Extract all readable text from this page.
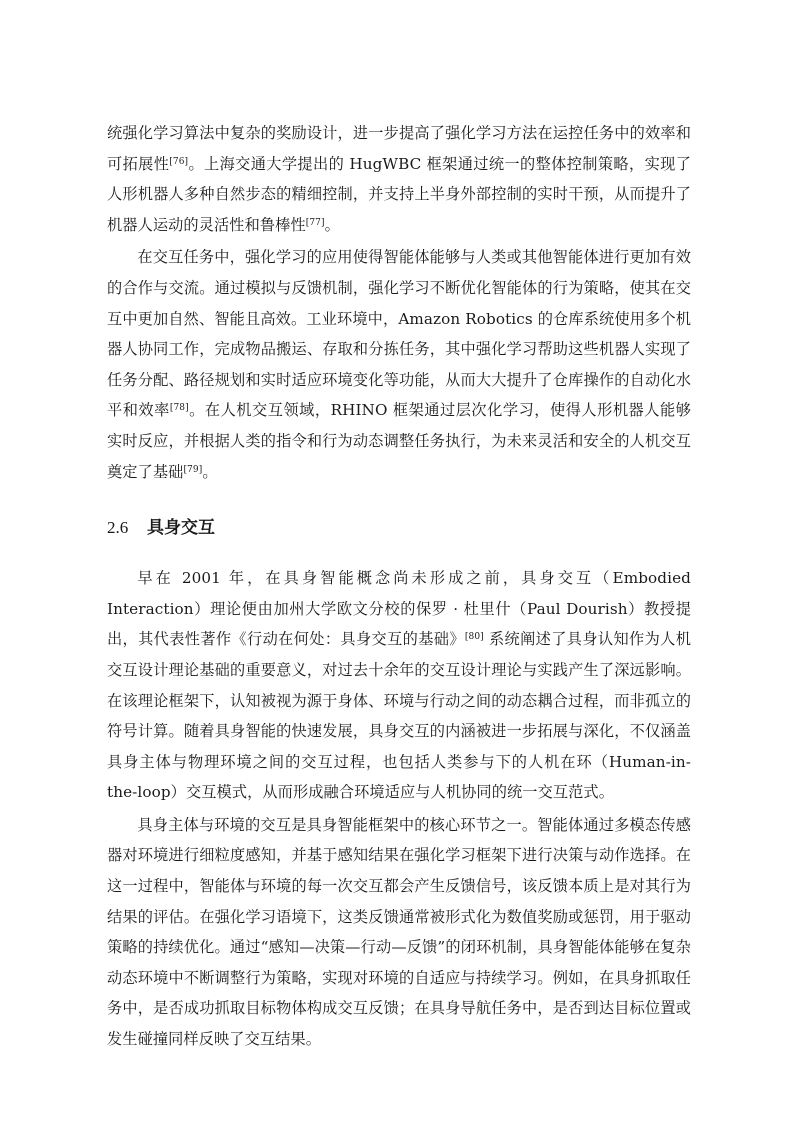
统强化学习算法中复杂的奖励设计，进一步提高了强化学习方法在运控任务中的效率和可拓展性[76]。上海交通大学提出的 HugWBC 框架通过统一的整体控制策略，实现了人形机器人多种自然步态的精细控制，并支持上半身外部控制的实时干预，从而提升了机器人运动的灵活性和鲁棒性[77]。

在交互任务中，强化学习的应用使得智能体能够与人类或其他智能体进行更加有效的合作与交流。通过模拟与反馈机制，强化学习不断优化智能体的行为策略，使其在交互中更加自然、智能且高效。工业环境中，Amazon Robotics 的仓库系统使用多个机器人协同工作，完成物品搬运、存取和分拣任务，其中强化学习帮助这些机器人实现了任务分配、路径规划和实时适应环境变化等功能，从而大大提升了仓库操作的自动化水平和效率[78]。在人机交互领域，RHINO 框架通过层次化学习，使得人形机器人能够实时反应，并根据人类的指令和行为动态调整任务执行，为未来灵活和安全的人机交互奠定了基础[79]。

2.6 具身交互

早在 2001 年，在具身智能概念尚未形成之前，具身交互（Embodied Interaction）理论便由加州大学欧文分校的保罗 · 杜里什（Paul Dourish）教授提出，其代表性著作《行动在何处：具身交互的基础》[80] 系统阐述了具身认知作为人机交互设计理论基础的重要意义，对过去十余年的交互设计理论与实践产生了深远影响。在该理论框架下，认知被视为源于身体、环境与行动之间的动态耦合过程，而非孤立的符号计算。随着具身智能的快速发展，具身交互的内涵被进一步拓展与深化，不仅涵盖具身主体与物理环境之间的交互过程，也包括人类参与下的人机在环（Human-in-the-loop）交互模式，从而形成融合环境适应与人机协同的统一交互范式。

具身主体与环境的交互是具身智能框架中的核心环节之一。智能体通过多模态传感器对环境进行细粒度感知，并基于感知结果在强化学习框架下进行决策与动作选择。在这一过程中，智能体与环境的每一次交互都会产生反馈信号，该反馈本质上是对其行为结果的评估。在强化学习语境下，这类反馈通常被形式化为数值奖励或惩罚，用于驱动策略的持续优化。通过“感知—决策—行动—反馈”的闭环机制，具身智能体能够在复杂动态环境中不断调整行为策略，实现对环境的自适应与持续学习。例如，在具身抓取任务中，是否成功抓取目标物体构成交互反馈；在具身导航任务中，是否到达目标位置或发生碰撞同样反映了交互结果。
